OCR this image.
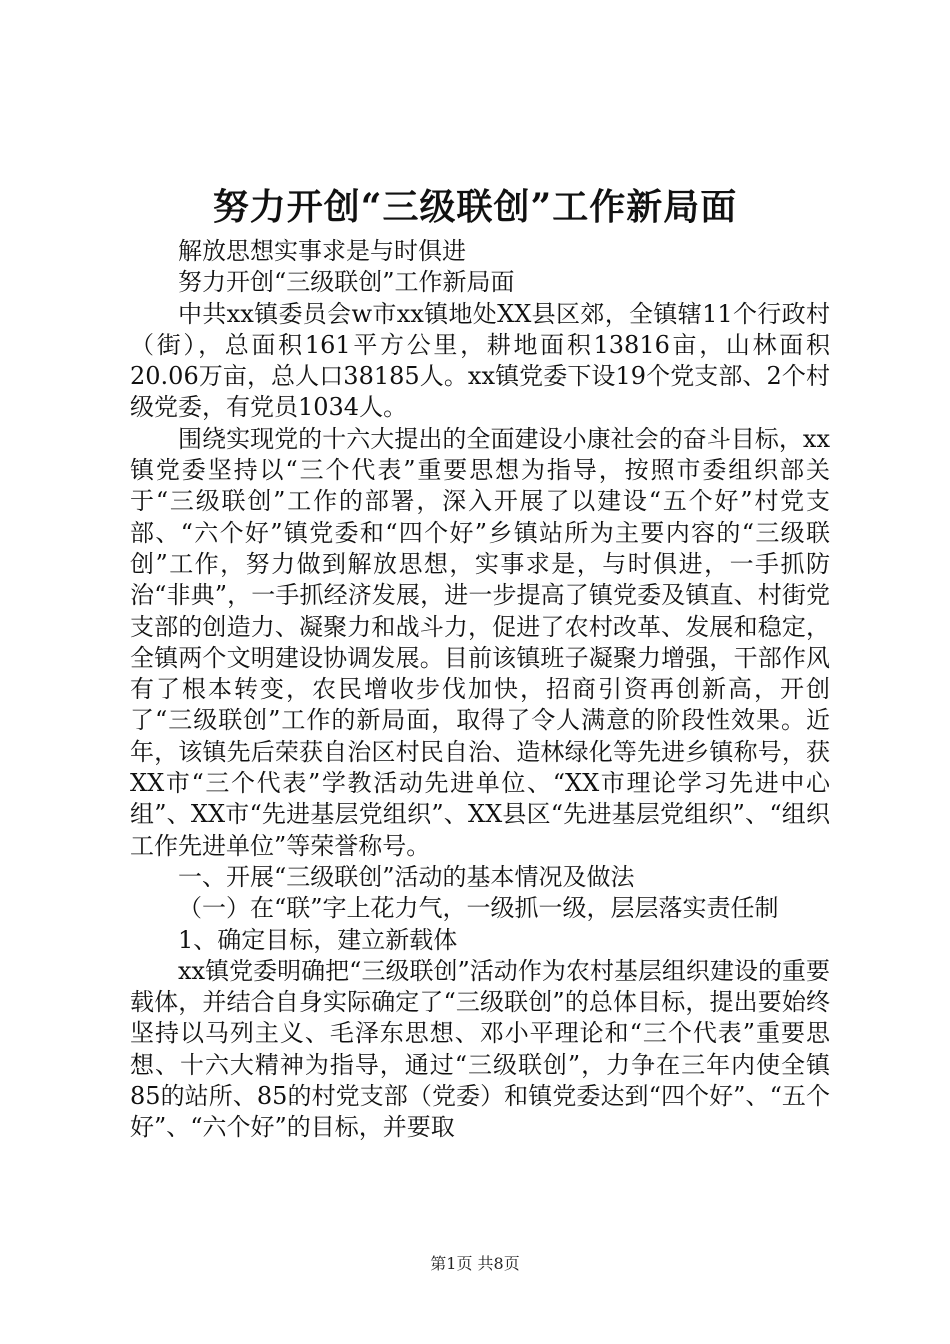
努力开创“三级联创”工作新局面

解放思想实事求是与时俱进

努力开创“三级联创”工作新局面

中共xx镇委员会w市xx镇地处XX县区郊，全镇辖11个行政村（街），总面积161平方公里，耕地面积13816亩，山林面积20.06万亩，总人口38185人。xx镇党委下设19个党支部、2个村级党委，有党员1034人。

围绕实现党的十六大提出的全面建设小康社会的奋斗目标，xx镇党委坚持以“三个代表”重要思想为指导，按照市委组织部关于“三级联创”工作的部署，深入开展了以建设“五个好”村党支部、“六个好”镇党委和“四个好”乡镇站所为主要内容的“三级联创”工作，努力做到解放思想，实事求是，与时俱进，一手抓防治“非典”，一手抓经济发展，进一步提高了镇党委及镇直、村街党支部的创造力、凝聚力和战斗力，促进了农村改革、发展和稳定，全镇两个文明建设协调发展。目前该镇班子凝聚力增强，干部作风有了根本转变，农民增收步伐加快，招商引资再创新高，开创了“三级联创”工作的新局面，取得了令人满意的阶段性效果。近年，该镇先后荣获自治区村民自治、造林绿化等先进乡镇称号，获XX市“三个代表”学教活动先进单位、“XX市理论学习先进中心组”、XX市“先进基层党组织”、XX县区“先进基层党组织”、“组织工作先进单位”等荣誉称号。

一、开展“三级联创”活动的基本情况及做法

（一）在“联”字上花力气，一级抓一级，层层落实责任制

1、确定目标，建立新载体

xx镇党委明确把“三级联创”活动作为农村基层组织建设的重要载体，并结合自身实际确定了“三级联创”的总体目标，提出要始终坚持以马列主义、毛泽东思想、邓小平理论和“三个代表”重要思想、十六大精神为指导，通过“三级联创”，力争在三年内使全镇85的站所、85的村党支部（党委）和镇党委达到“四个好”、“五个好”、“六个好”的目标，并要取

第1页 共8页
